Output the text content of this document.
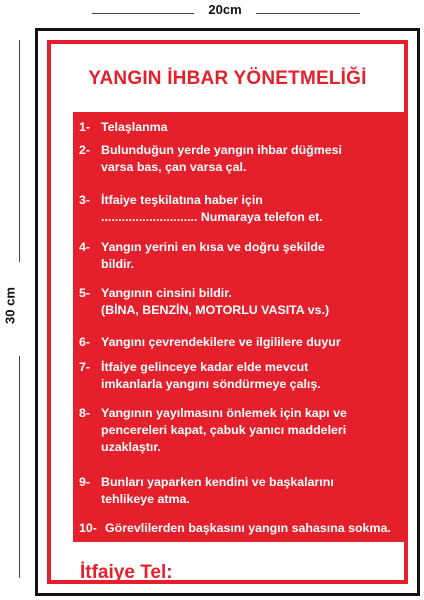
20cm
30 cm
YANGIN İHBAR YÖNETMELİĞİ
1- Telaşlanma
2- Bulunduğun yerde yangın ihbar düğmesi
varsa bas, çan varsa çal.
3- İtfaiye teşkilatına haber için
............................ Numaraya telefon et.
4- Yangın yerini en kısa ve doğru şekilde
bildir.
5- Yangının cinsini bildir.
(BİNA, BENZİN, MOTORLU VASITA vs.)
6- Yangını çevrendekilere ve ilgililere duyur
7- İtfaiye gelinceye kadar elde mevcut
imkanlarla yangını söndürmeye çalış.
8- Yangının yayılmasını önlemek için kapı ve
pencereleri kapat, çabuk yanıcı maddeleri
uzaklaştır.
9- Bunları yaparken kendini ve başkalarını
tehlikeye atma.
10- Görevlilerden başkasını yangın sahasına sokma.
İtfaiye Tel:
